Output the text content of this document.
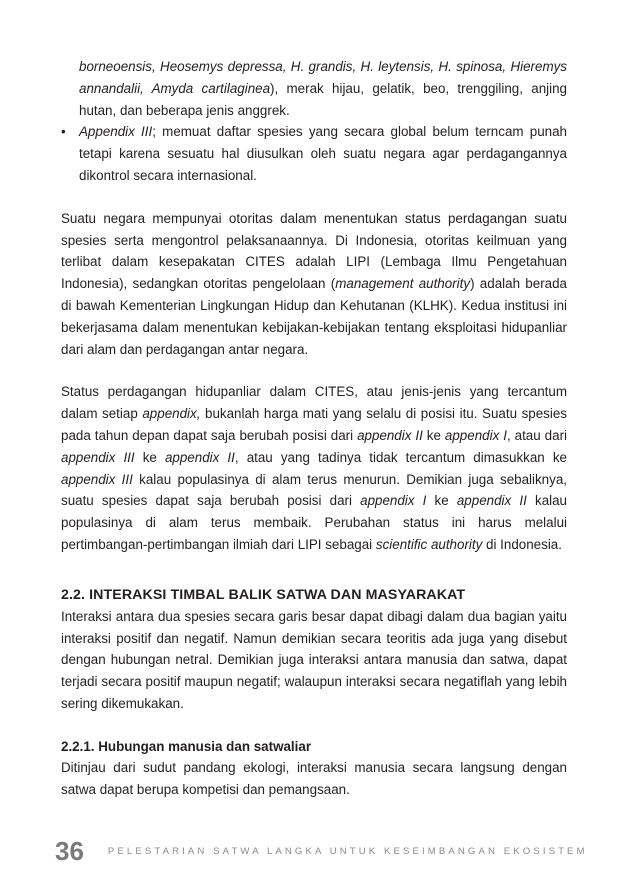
borneoensis, Heosemys depressa, H. grandis, H. leytensis, H. spinosa, Hieremys annandalii, Amyda cartilaginea), merak hijau, gelatik, beo, trenggiling, anjing hutan, dan beberapa jenis anggrek.

• Appendix III; memuat daftar spesies yang secara global belum terncam punah tetapi karena sesuatu hal diusulkan oleh suatu negara agar perdagangannya dikontrol secara internasional.

Suatu negara mempunyai otoritas dalam menentukan status perdagangan suatu spesies serta mengontrol pelaksanaannya. Di Indonesia, otoritas keilmuan yang terlibat dalam kesepakatan CITES adalah LIPI (Lembaga Ilmu Pengetahuan Indonesia), sedangkan otoritas pengelolaan (management authority) adalah berada di bawah Kementerian Lingkungan Hidup dan Kehutanan (KLHK). Kedua institusi ini bekerjasama dalam menentukan kebijakan-kebijakan tentang eksploitasi hidupanliar dari alam dan perdagangan antar negara.

Status perdagangan hidupanliar dalam CITES, atau jenis-jenis yang tercantum dalam setiap appendix, bukanlah harga mati yang selalu di posisi itu. Suatu spesies pada tahun depan dapat saja berubah posisi dari appendix II ke appendix I, atau dari appendix III ke appendix II, atau yang tadinya tidak tercantum dimasukkan ke appendix III kalau populasinya di alam terus menurun. Demikian juga sebaliknya, suatu spesies dapat saja berubah posisi dari appendix I ke appendix II kalau populasinya di alam terus membaik. Perubahan status ini harus melalui pertimbangan-pertimbangan ilmiah dari LIPI sebagai scientific authority di Indonesia.

2.2. INTERAKSI TIMBAL BALIK SATWA DAN MASYARAKAT

Interaksi antara dua spesies secara garis besar dapat dibagi dalam dua bagian yaitu interaksi positif dan negatif. Namun demikian secara teoritis ada juga yang disebut dengan hubungan netral. Demikian juga interaksi antara manusia dan satwa, dapat terjadi secara positif maupun negatif; walaupun interaksi secara negatiflah yang lebih sering dikemukakan.

2.2.1. Hubungan manusia dan satwaliar

Ditinjau dari sudut pandang ekologi, interaksi manusia secara langsung dengan satwa dapat berupa kompetisi dan pemangsaan.

36	PELESTARIAN SATWA LANGKA UNTUK KESEIMBANGAN EKOSISTEM
